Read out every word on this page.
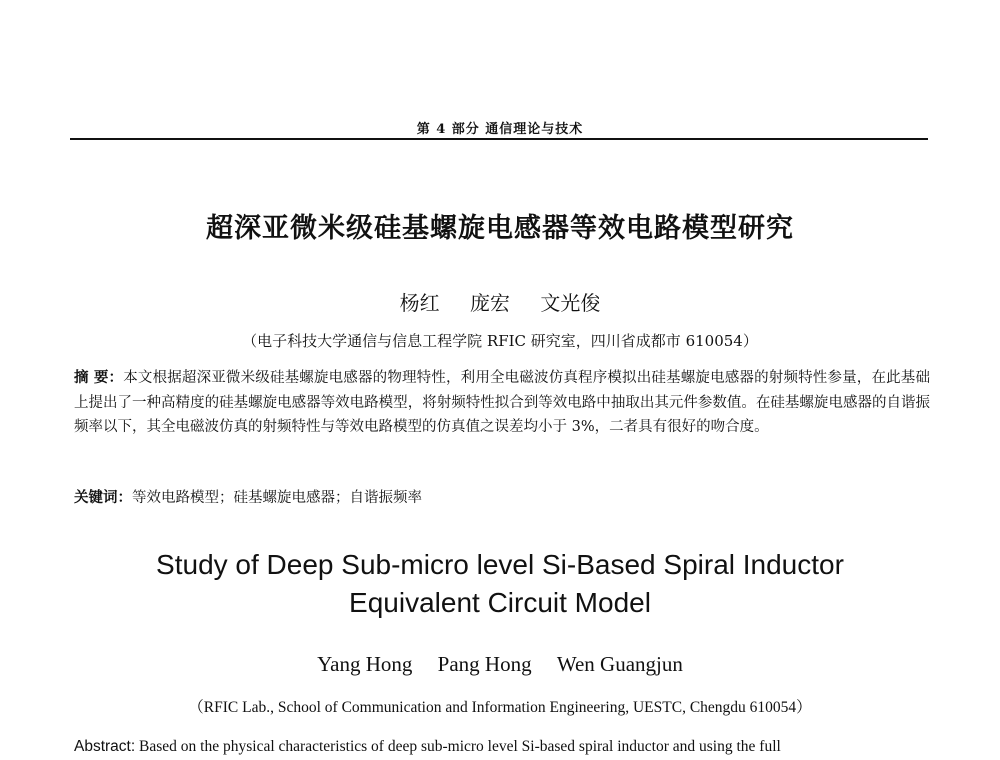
第 4 部分 通信理论与技术
超深亚微米级硅基螺旋电感器等效电路模型研究
杨红 庞宏 文光俊
（电子科技大学通信与信息工程学院 RFIC 研究室，四川省成都市 610054）
摘 要：本文根据超深亚微米级硅基螺旋电感器的物理特性，利用全电磁波仿真程序模拟出硅基螺旋电感器的射频特性参量，在此基础上提出了一种高精度的硅基螺旋电感器等效电路模型，将射频特性拟合到等效电路中抽取出其元件参数值。在硅基螺旋电感器的自谐振频率以下，其全电磁波仿真的射频特性与等效电路模型的仿真值之误差均小于 3%，二者具有很好的吻合度。
关键词：等效电路模型；硅基螺旋电感器；自谐振频率
Study of Deep Sub-micro level Si-Based Spiral Inductor
Equivalent Circuit Model
Yang Hong Pang Hong Wen Guangjun
（RFIC Lab., School of Communication and Information Engineering, UESTC, Chengdu 610054）
Abstract: Based on the physical characteristics of deep sub-micro level Si-based spiral inductor and using the full
